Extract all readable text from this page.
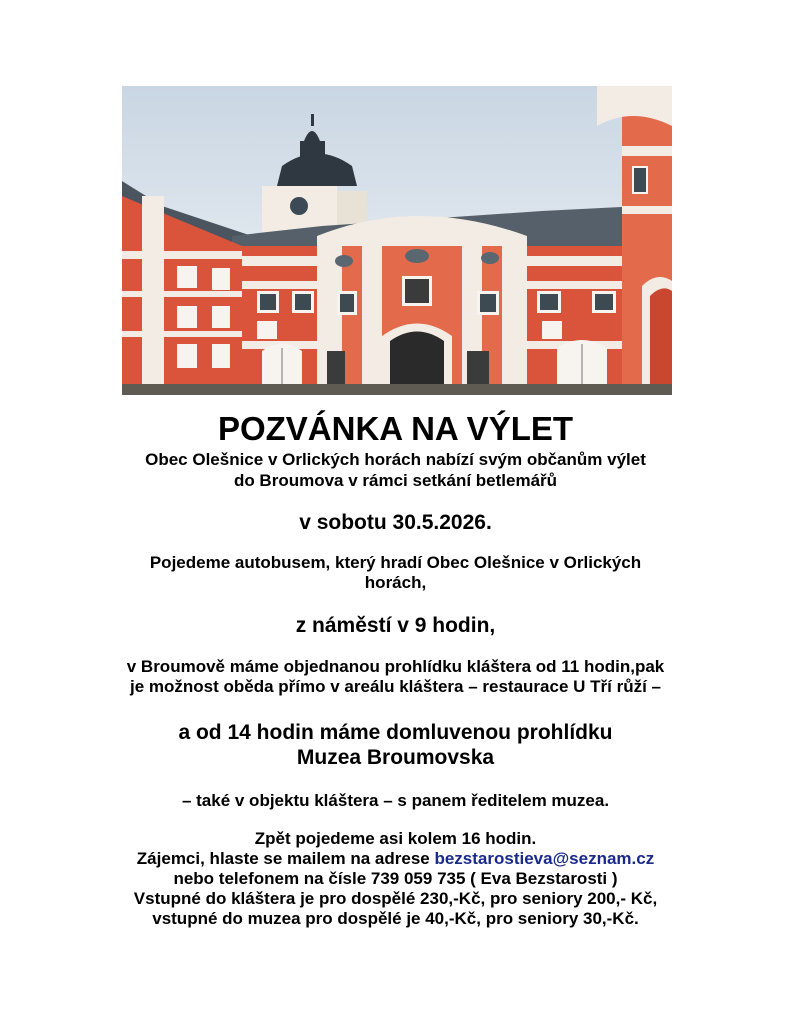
POZVÁNKA NA VÝLET
Obec Olešnice v Orlických horách nabízí svým občanům výlet
do Broumova v rámci setkání betlemářů
v sobotu 30.5.2026.
Pojedeme autobusem, který hradí Obec Olešnice v Orlických
horách,
z náměstí v 9 hodin,
v Broumově máme objednanou prohlídku kláštera od 11 hodin,pak
je možnost oběda přímo v areálu kláštera – restaurace U Tří růží –
a od 14 hodin máme domluvenou prohlídku
Muzea Broumovska
– také v objektu kláštera – s panem ředitelem muzea.
Zpět pojedeme asi kolem 16 hodin.
Zájemci, hlaste se mailem na adrese bezstarostieva@seznam.cz
nebo telefonem na čísle 739 059 735 ( Eva Bezstarosti )
Vstupné do kláštera je pro dospělé 230,-Kč, pro seniory 200,- Kč,
vstupné do muzea pro dospělé je 40,-Kč, pro seniory 30,-Kč.
